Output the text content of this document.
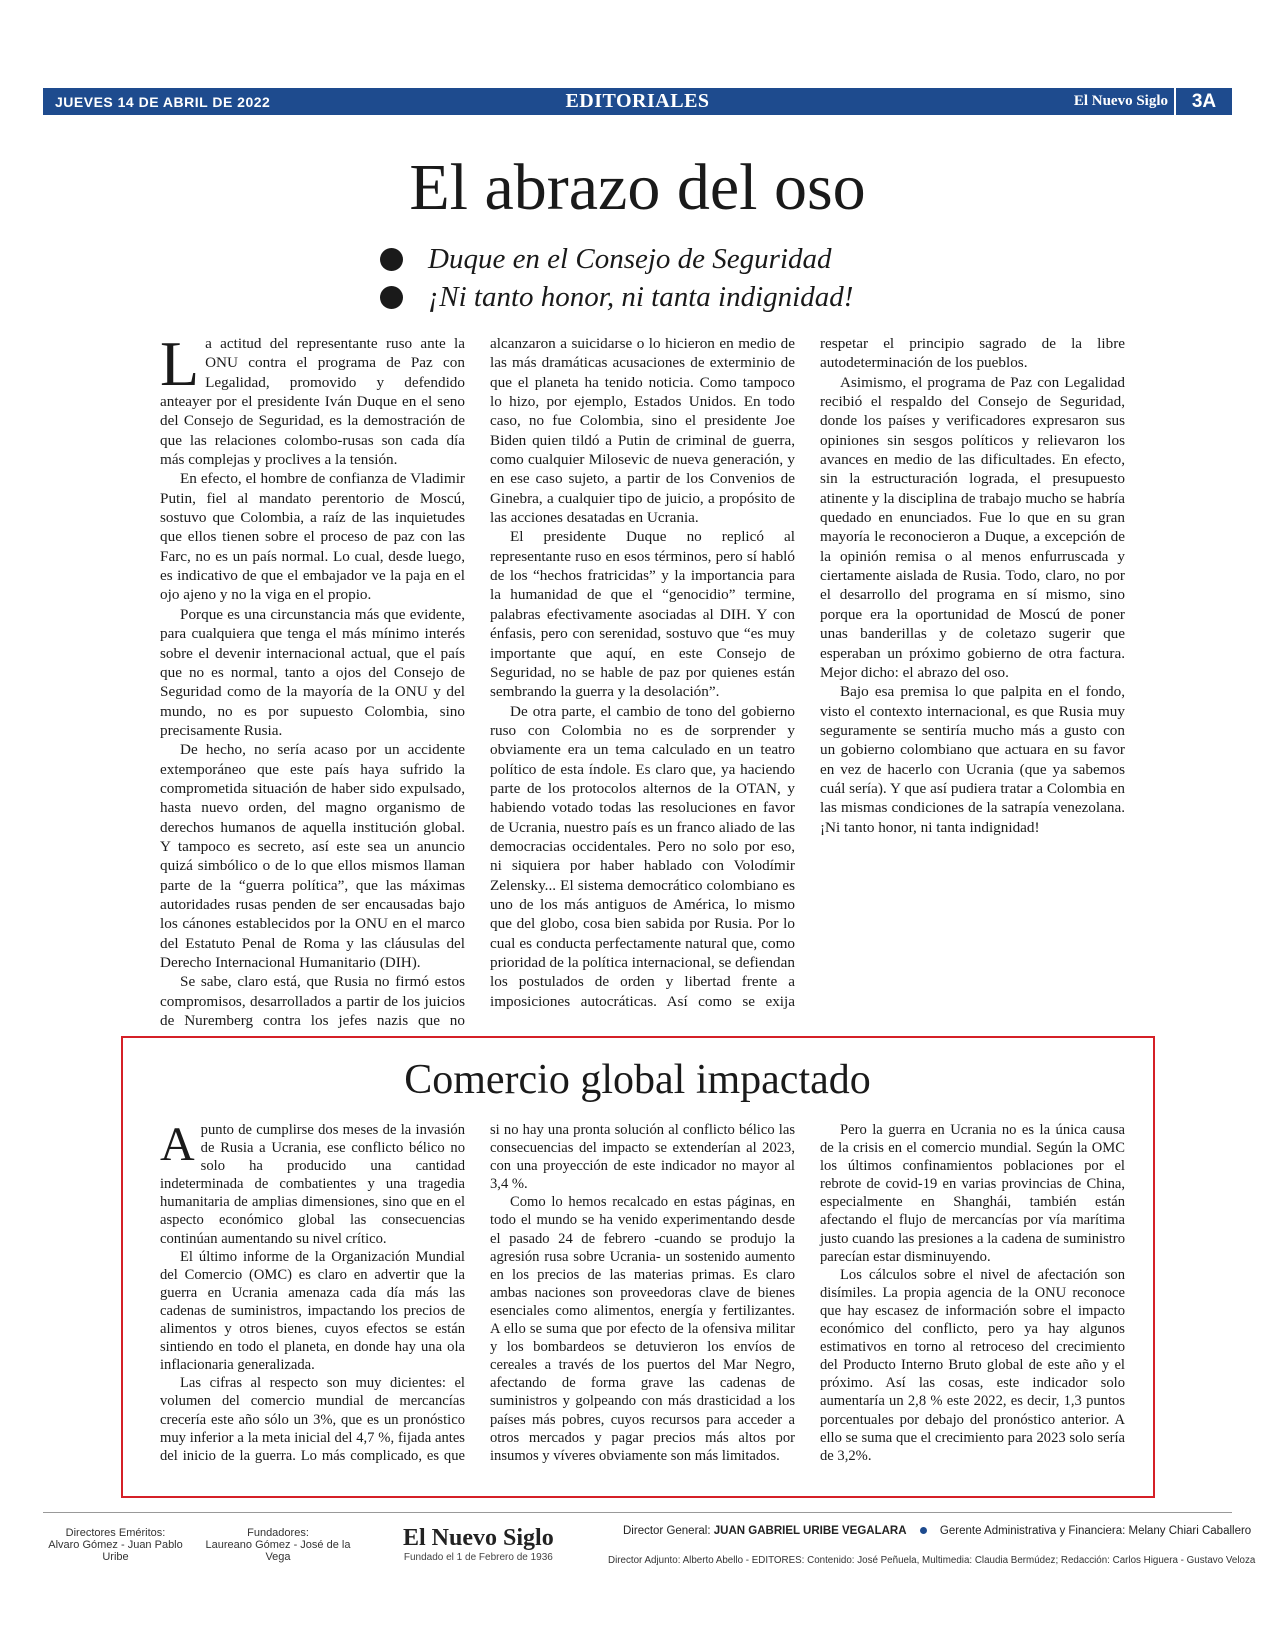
JUEVES 14 DE ABRIL DE 2022	EDITORIALES	El Nuevo Siglo	3A
El abrazo del oso
Duque en el Consejo de Seguridad
¡Ni tanto honor, ni tanta indignidad!

La actitud del representante ruso ante la ONU contra el programa de Paz con Legalidad, promovido y defendido anteayer por el presidente Iván Duque en el seno del Consejo de Seguridad, es la demostración de que las relaciones colombo-rusas son cada día más complejas y proclives a la tensión.

En efecto, el hombre de confianza de Vladimir Putin, fiel al mandato perentorio de Moscú, sostuvo que Colombia, a raíz de las inquietudes que ellos tienen sobre el proceso de paz con las Farc, no es un país normal. Lo cual, desde luego, es indicativo de que el embajador ve la paja en el ojo ajeno y no la viga en el propio.

Porque es una circunstancia más que evidente, para cualquiera que tenga el más mínimo interés sobre el devenir internacional actual, que el país que no es normal, tanto a ojos del Consejo de Seguridad como de la mayoría de la ONU y del mundo, no es por supuesto Colombia, sino precisamente Rusia.

De hecho, no sería acaso por un accidente extemporáneo que este país haya sufrido la comprometida situación de haber sido expulsado, hasta nuevo orden, del magno organismo de derechos humanos de aquella institución global. Y tampoco es secreto, así este sea un anuncio quizá simbólico o de lo que ellos mismos llaman parte de la “guerra política”, que las máximas autoridades rusas penden de ser encausadas bajo los cánones establecidos por la ONU en el marco del Estatuto Penal de Roma y las cláusulas del Derecho Internacional Humanitario (DIH).

Se sabe, claro está, que Rusia no firmó estos compromisos, desarrollados a partir de los juicios de Nuremberg contra los jefes nazis que no alcanzaron a suicidarse o lo hicieron en medio de las más dramáticas acusaciones de exterminio de que el planeta ha tenido noticia. Como tampoco lo hizo, por ejemplo, Estados Unidos. En todo caso, no fue Colombia, sino el presidente Joe Biden quien tildó a Putin de criminal de guerra, como cualquier Milosevic de nueva generación, y en ese caso sujeto, a partir de los Convenios de Ginebra, a cualquier tipo de juicio, a propósito de las acciones desatadas en Ucrania.

El presidente Duque no replicó al representante ruso en esos términos, pero sí habló de los “hechos fratricidas” y la importancia para la humanidad de que el “genocidio” termine, palabras efectivamente asociadas al DIH. Y con énfasis, pero con serenidad, sostuvo que “es muy importante que aquí, en este Consejo de Seguridad, no se hable de paz por quienes están sembrando la guerra y la desolación”.

De otra parte, el cambio de tono del gobierno ruso con Colombia no es de sorprender y obviamente era un tema calculado en un teatro político de esta índole. Es claro que, ya haciendo parte de los protocolos alternos de la OTAN, y habiendo votado todas las resoluciones en favor de Ucrania, nuestro país es un franco aliado de las democracias occidentales. Pero no solo por eso, ni siquiera por haber hablado con Volodímir Zelensky... El sistema democrático colombiano es uno de los más antiguos de América, lo mismo que del globo, cosa bien sabida por Rusia. Por lo cual es conducta perfectamente natural que, como prioridad de la política internacional, se defiendan los postulados de orden y libertad frente a imposiciones autocráticas. Así como se exija respetar el principio sagrado de la libre autodeterminación de los pueblos.

Asimismo, el programa de Paz con Legalidad recibió el respaldo del Consejo de Seguridad, donde los países y verificadores expresaron sus opiniones sin sesgos políticos y relievaron los avances en medio de las dificultades. En efecto, sin la estructuración lograda, el presupuesto atinente y la disciplina de trabajo mucho se habría quedado en enunciados. Fue lo que en su gran mayoría le reconocieron a Duque, a excepción de la opinión remisa o al menos enfurruscada y ciertamente aislada de Rusia. Todo, claro, no por el desarrollo del programa en sí mismo, sino porque era la oportunidad de Moscú de poner unas banderillas y de coletazo sugerir que esperaban un próximo gobierno de otra factura. Mejor dicho: el abrazo del oso.

Bajo esa premisa lo que palpita en el fondo, visto el contexto internacional, es que Rusia muy seguramente se sentiría mucho más a gusto con un gobierno colombiano que actuara en su favor en vez de hacerlo con Ucrania (que ya sabemos cuál sería). Y que así pudiera tratar a Colombia en las mismas condiciones de la satrapía venezolana. ¡Ni tanto honor, ni tanta indignidad!

Comercio global impactado

A punto de cumplirse dos meses de la invasión de Rusia a Ucrania, ese conflicto bélico no solo ha producido una cantidad indeterminada de combatientes y una tragedia humanitaria de amplias dimensiones, sino que en el aspecto económico global las consecuencias continúan aumentando su nivel crítico.

El último informe de la Organización Mundial del Comercio (OMC) es claro en advertir que la guerra en Ucrania amenaza cada día más las cadenas de suministros, impactando los precios de alimentos y otros bienes, cuyos efectos se están sintiendo en todo el planeta, en donde hay una ola inflacionaria generalizada.

Las cifras al respecto son muy dicientes: el volumen del comercio mundial de mercancías crecería este año sólo un 3%, que es un pronóstico muy inferior a la meta inicial del 4,7 %, fijada antes del inicio de la guerra. Lo más complicado, es que si no hay una pronta solución al conflicto bélico las consecuencias del impacto se extenderían al 2023, con una proyección de este indicador no mayor al 3,4 %.

Como lo hemos recalcado en estas páginas, en todo el mundo se ha venido experimentando desde el pasado 24 de febrero -cuando se produjo la agresión rusa sobre Ucrania- un sostenido aumento en los precios de las materias primas. Es claro ambas naciones son proveedoras clave de bienes esenciales como alimentos, energía y fertilizantes. A ello se suma que por efecto de la ofensiva militar y los bombardeos se detuvieron los envíos de cereales a través de los puertos del Mar Negro, afectando de forma grave las cadenas de suministros y golpeando con más drasticidad a los países más pobres, cuyos recursos para acceder a otros mercados y pagar precios más altos por insumos y víveres obviamente son más limitados.

Pero la guerra en Ucrania no es la única causa de la crisis en el comercio mundial. Según la OMC los últimos confinamientos poblaciones por el rebrote de covid-19 en varias provincias de China, especialmente en Shanghái, también están afectando el flujo de mercancías por vía marítima justo cuando las presiones a la cadena de suministro parecían estar disminuyendo.

Los cálculos sobre el nivel de afectación son disímiles. La propia agencia de la ONU reconoce que hay escasez de información sobre el impacto económico del conflicto, pero ya hay algunos estimativos en torno al retroceso del crecimiento del Producto Interno Bruto global de este año y el próximo. Así las cosas, este indicador solo aumentaría un 2,8 % este 2022, es decir, 1,3 puntos porcentuales por debajo del pronóstico anterior. A ello se suma que el crecimiento para 2023 solo sería de 3,2%.

Directores Eméritos:
Alvaro Gómez - Juan Pablo Uribe
Fundadores:
Laureano Gómez - José de la Vega
El Nuevo Siglo
Fundado el 1 de Febrero de 1936
Director General: JUAN GABRIEL URIBE VEGALARA	Gerente Administrativa y Financiera: Melany Chiari Caballero
Director Adjunto: Alberto Abello - EDITORES: Contenido: José Peñuela, Multimedia: Claudia Bermúdez; Redacción: Carlos Higuera - Gustavo Veloza
